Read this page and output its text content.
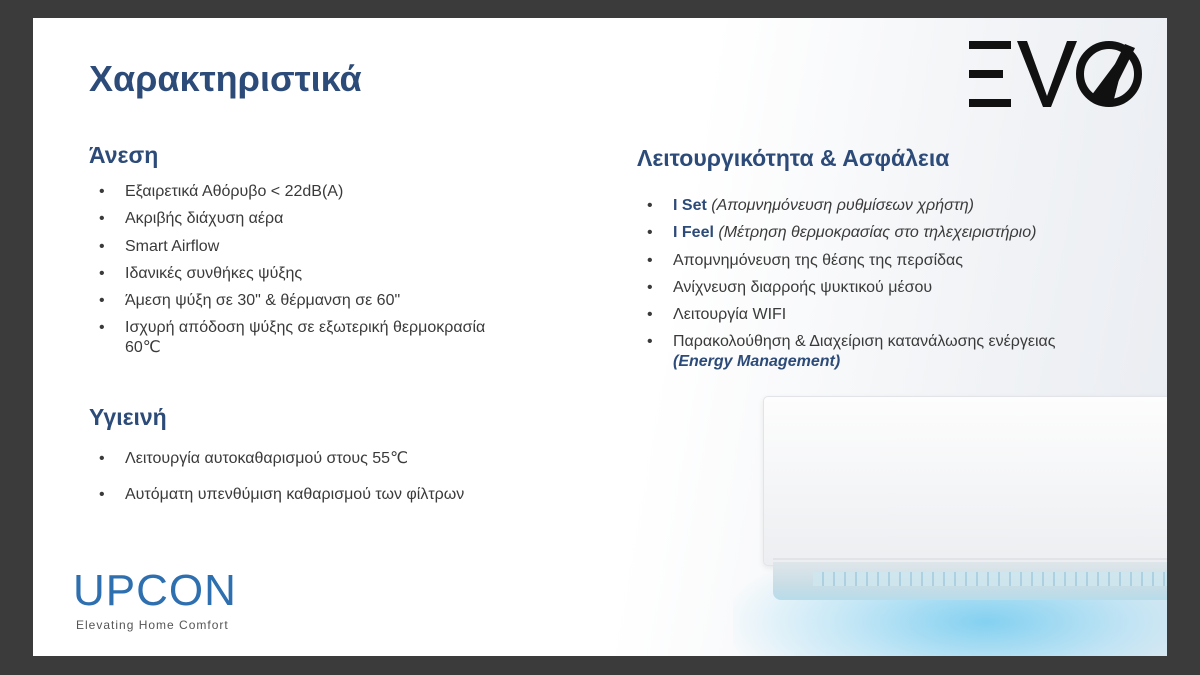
Χαρακτηριστικά
Άνεση
• Εξαιρετικά Αθόρυβο < 22dB(A)
• Ακριβής διάχυση αέρα
• Smart Airflow
• Ιδανικές συνθήκες ψύξης
• Άμεση ψύξη σε 30" & θέρμανση σε 60"
• Ισχυρή απόδοση ψύξης σε εξωτερική θερμοκρασία
60℃
Υγιεινή
• Λειτουργία αυτοκαθαρισμού στους 55℃
• Αυτόματη υπενθύμιση καθαρισμού των φίλτρων
Λειτουργικότητα & Ασφάλεια
• I Set (Απομνημόνευση ρυθμίσεων χρήστη)
• I Feel (Μέτρηση θερμοκρασίας στο τηλεχειριστήριο)
• Απομνημόνευση της θέσης της περσίδας
• Ανίχνευση διαρροής ψυκτικού μέσου
• Λειτουργία WIFI
• Παρακολούθηση & Διαχείριση κατανάλωσης ενέργειας
(Energy Management)
UPCON
Elevating Home Comfort
